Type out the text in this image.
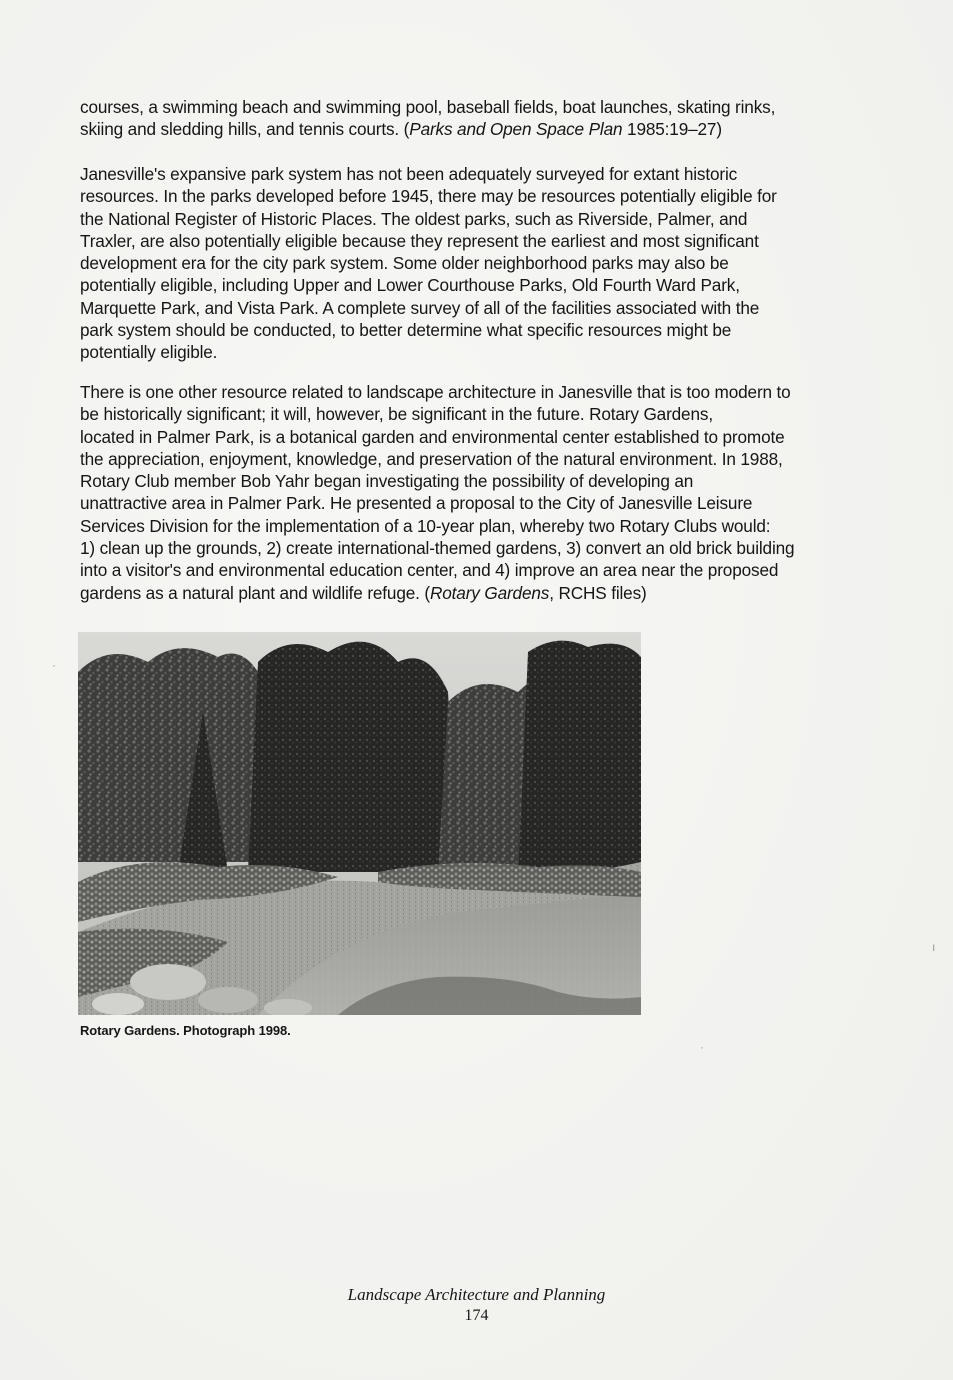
courses, a swimming beach and swimming pool, baseball fields, boat launches, skating rinks,
skiing and sledding hills, and tennis courts. (Parks and Open Space Plan 1985:19–27)

Janesville's expansive park system has not been adequately surveyed for extant historic
resources. In the parks developed before 1945, there may be resources potentially eligible for
the National Register of Historic Places. The oldest parks, such as Riverside, Palmer, and
Traxler, are also potentially eligible because they represent the earliest and most significant
development era for the city park system. Some older neighborhood parks may also be
potentially eligible, including Upper and Lower Courthouse Parks, Old Fourth Ward Park,
Marquette Park, and Vista Park. A complete survey of all of the facilities associated with the
park system should be conducted, to better determine what specific resources might be
potentially eligible.

There is one other resource related to landscape architecture in Janesville that is too modern to
be historically significant; it will, however, be significant in the future. Rotary Gardens,
located in Palmer Park, is a botanical garden and environmental center established to promote
the appreciation, enjoyment, knowledge, and preservation of the natural environment. In 1988,
Rotary Club member Bob Yahr began investigating the possibility of developing an
unattractive area in Palmer Park. He presented a proposal to the City of Janesville Leisure
Services Division for the implementation of a 10-year plan, whereby two Rotary Clubs would:
1) clean up the grounds, 2) create international-themed gardens, 3) convert an old brick building
into a visitor's and environmental education center, and 4) improve an area near the proposed
gardens as a natural plant and wildlife refuge. (Rotary Gardens, RCHS files)

Rotary Gardens. Photograph 1998.
Landscape Architecture and Planning
174
·
·
ı
